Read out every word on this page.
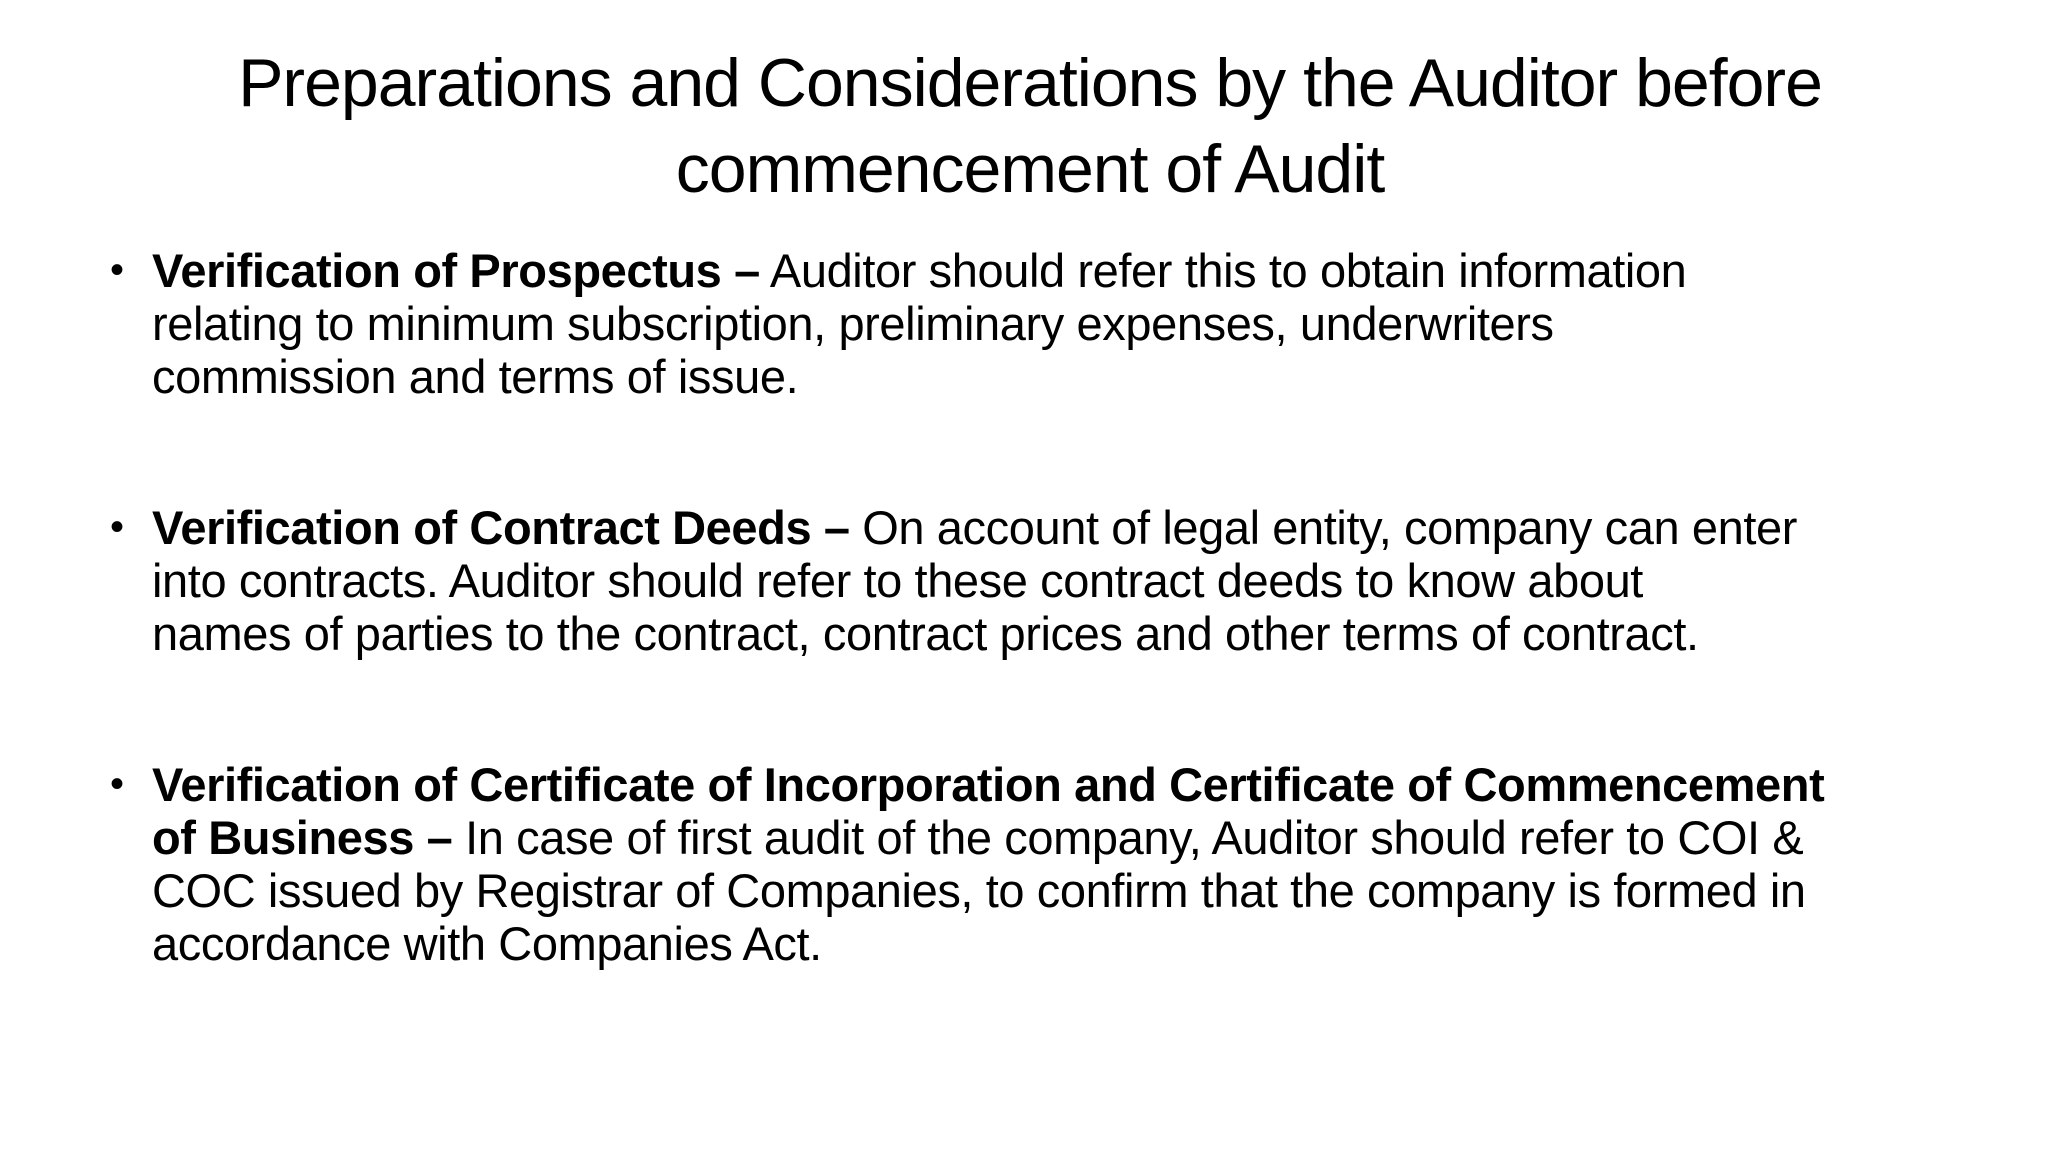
Preparations and Considerations by the Auditor before
commencement of Audit
• Verification of Prospectus – Auditor should refer this to obtain information
relating to minimum subscription, preliminary expenses, underwriters
commission and terms of issue.
• Verification of Contract Deeds – On account of legal entity, company can enter
into contracts. Auditor should refer to these contract deeds to know about
names of parties to the contract, contract prices and other terms of contract.
• Verification of Certificate of Incorporation and Certificate of Commencement
of Business – In case of first audit of the company, Auditor should refer to COI &
COC issued by Registrar of Companies, to confirm that the company is formed in
accordance with Companies Act.
